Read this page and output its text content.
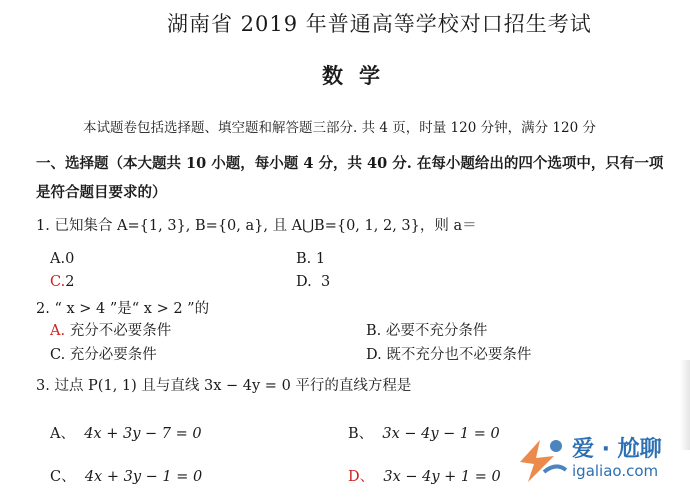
湖南省 2019 年普通高等学校对口招生考试
数学
本试题卷包括选择题、填空题和解答题三部分. 共 4 页，时量 120 分钟，满分 120 分
一、选择题（本大题共 10 小题，每小题 4 分，共 40 分. 在每小题给出的四个选项中，只有一项
是符合题目要求的）
1. 已知集合 A={1, 3}, B={0, a}, 且 A⋃B={0, 1, 2, 3}，则 a＝
A.0	B. 1
C.2	D. 3
2. “ x > 4 ”是“ x > 2 ”的
A. 充分不必要条件	B. 必要不充分条件
C. 充分必要条件	D. 既不充分也不必要条件
3. 过点 P(1, 1) 且与直线 3x − 4y = 0 平行的直线方程是
A、 4x + 3y − 7 = 0	B、 3x − 4y − 1 = 0
C、 4x + 3y − 1 = 0	D、 3x − 4y + 1 = 0
爱 · 尬聊
igaliao.com
